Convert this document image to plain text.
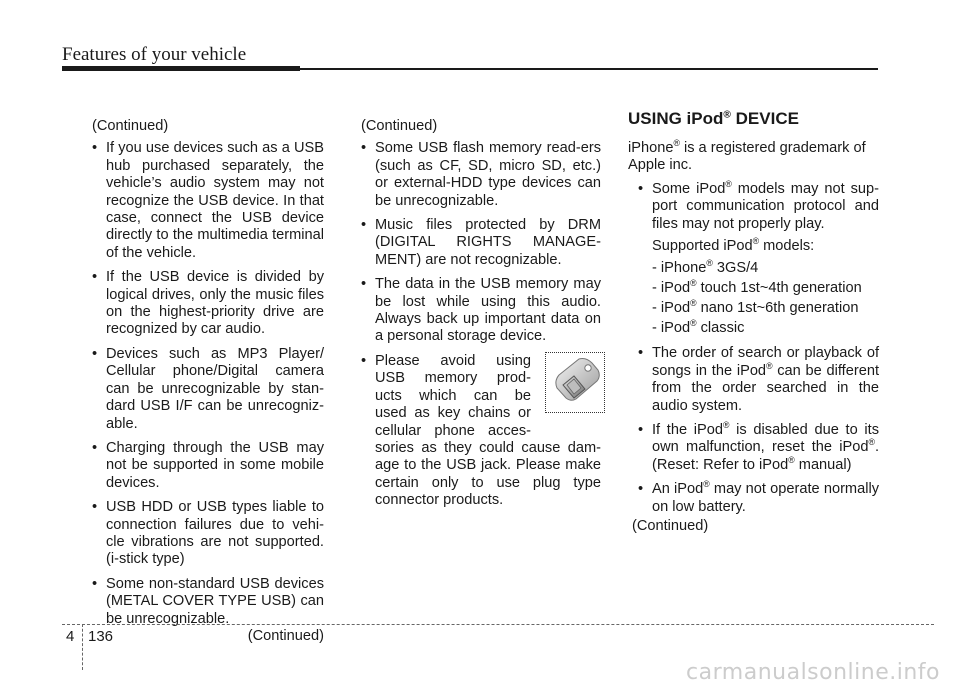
Features of your vehicle

(Continued)

• If you use devices such as a USB hub purchased separately, the vehicle’s audio system may not recognize the USB device. In that case, connect the USB device directly to the multimedia terminal of the vehicle.
• If the USB device is divided by logical drives, only the music files on the highest-priority drive are recognized by car audio.
• Devices such as MP3 Player/ Cellular phone/Digital camera can be unrecognizable by stan-dard USB I/F can be unrecogniz-able.
• Charging through the USB may not be supported in some mobile devices.
• USB HDD or USB types liable to connection failures due to vehi-cle vibrations are not supported. (i-stick type)
• Some non-standard USB devices (METAL COVER TYPE USB) can be unrecognizable.

(Continued)

(Continued)

• Some USB flash memory read-ers (such as CF, SD, micro SD, etc.) or external-HDD type devices can be unrecognizable.
• Music files protected by DRM (DIGITAL RIGHTS MANAGE-MENT) are not recognizable.
• The data in the USB memory may be lost while using this audio. Always back up important data on a personal storage device.
• Please avoid using
USB memory prod-
ucts which can be
used as key chains or
cellular phone acces-
sories as they could cause dam-age to the USB jack. Please make certain only to use plug type connector products.

USING iPod® DEVICE

iPhone® is a registered grademark of Apple inc.

• Some iPod® models may not sup-port communication protocol and files may not properly play.
Supported iPod® models:
- iPhone® 3GS/4
- iPod® touch 1st~4th generation
- iPod® nano 1st~6th generation
- iPod® classic
• The order of search or playback of songs in the iPod® can be different from the order searched in the audio system.
• If the iPod® is disabled due to its own malfunction, reset the iPod®. (Reset: Refer to iPod® manual)
• An iPod® may not operate normally on low battery.

(Continued)

4 136
carmanualsonline.info
